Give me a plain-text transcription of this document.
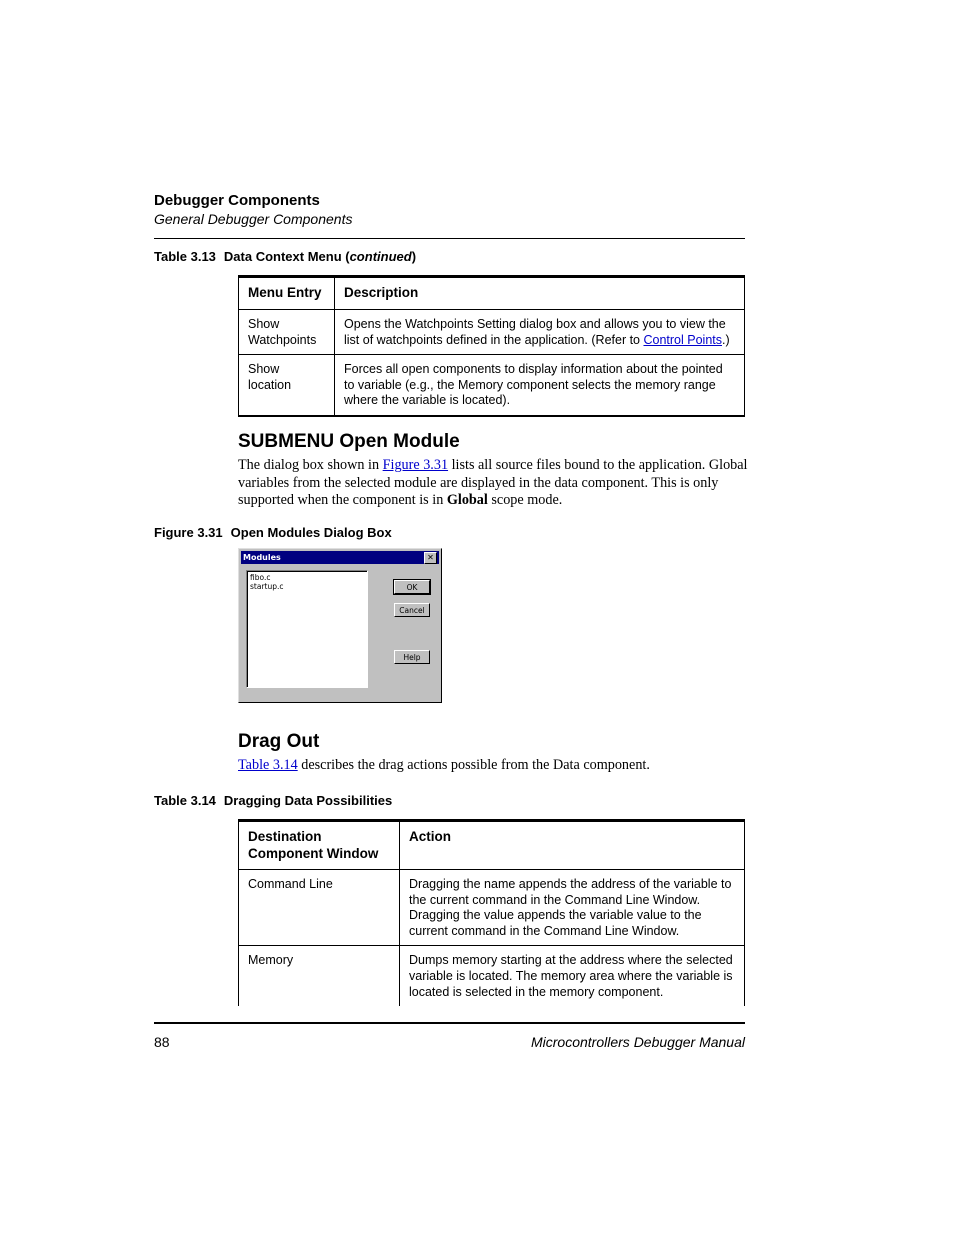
Debugger Components
General Debugger Components
Table 3.13 Data Context Menu (continued)
Menu Entry	Description
Show Watchpoints	Opens the Watchpoints Setting dialog box and allows you to view the list of watchpoints defined in the application. (Refer to Control Points.)
Show location	Forces all open components to display information about the pointed to variable (e.g., the Memory component selects the memory range where the variable is located).
SUBMENU Open Module
The dialog box shown in Figure 3.31 lists all source files bound to the application. Global variables from the selected module are displayed in the data component. This is only supported when the component is in Global scope mode.
Figure 3.31 Open Modules Dialog Box
Modules	✕
fibo.c
startup.c	OK
Cancel
Help
Drag Out
Table 3.14 describes the drag actions possible from the Data component.
Table 3.14 Dragging Data Possibilities
Destination Component Window	Action
Command Line	Dragging the name appends the address of the variable to the current command in the Command Line Window. Dragging the value appends the variable value to the current command in the Command Line Window.
Memory	Dumps memory starting at the address where the selected variable is located. The memory area where the variable is located is selected in the memory component.
88	Microcontrollers Debugger Manual
